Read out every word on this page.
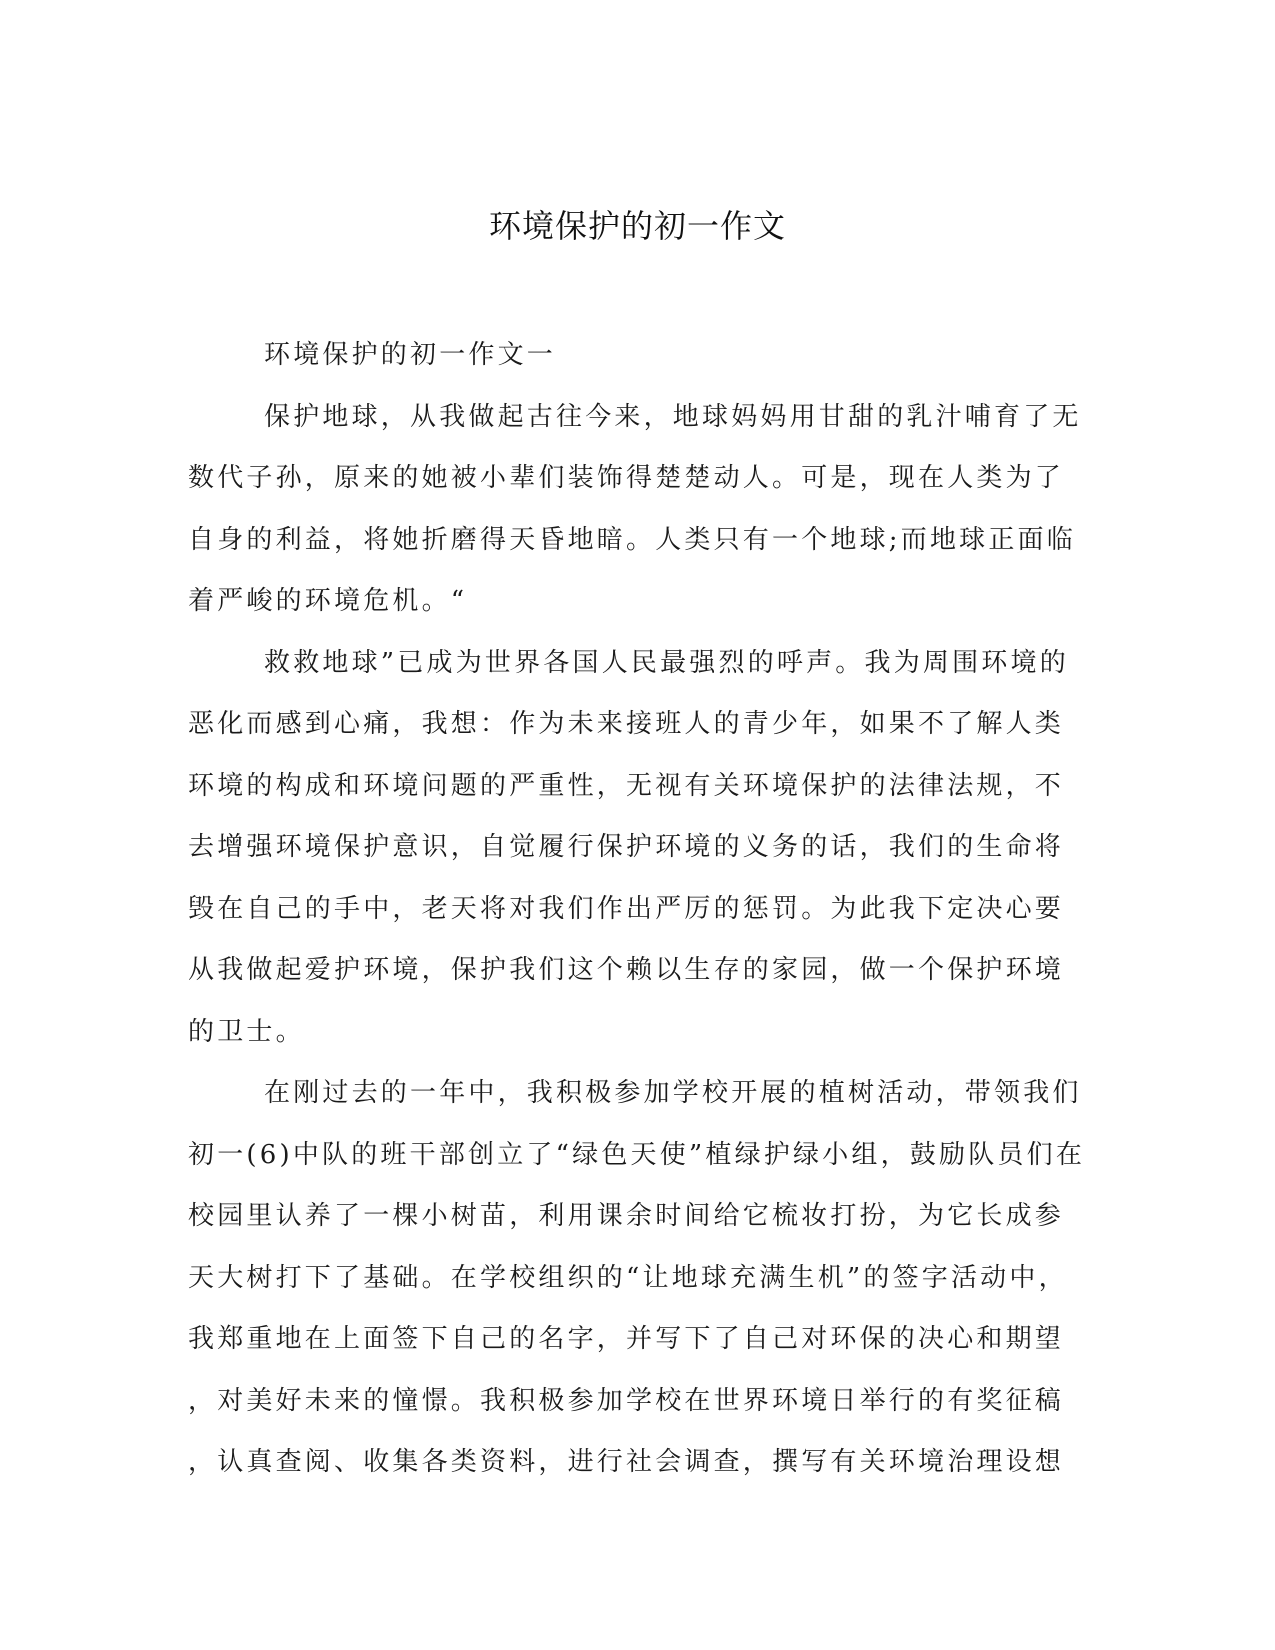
环境保护的初一作文
环境保护的初一作文一
保护地球，从我做起古往今来，地球妈妈用甘甜的乳汁哺育了无
数代子孙，原来的她被小辈们装饰得楚楚动人。可是，现在人类为了
自身的利益，将她折磨得天昏地暗。人类只有一个地球;而地球正面临
着严峻的环境危机。“
救救地球”已成为世界各国人民最强烈的呼声。我为周围环境的
恶化而感到心痛，我想：作为未来接班人的青少年，如果不了解人类
环境的构成和环境问题的严重性，无视有关环境保护的法律法规，不
去增强环境保护意识，自觉履行保护环境的义务的话，我们的生命将
毁在自己的手中，老天将对我们作出严厉的惩罚。为此我下定决心要
从我做起爱护环境，保护我们这个赖以生存的家园，做一个保护环境
的卫士。
在刚过去的一年中，我积极参加学校开展的植树活动，带领我们
初一(6)中队的班干部创立了“绿色天使”植绿护绿小组，鼓励队员们在
校园里认养了一棵小树苗，利用课余时间给它梳妆打扮，为它长成参
天大树打下了基础。在学校组织的“让地球充满生机”的签字活动中，
我郑重地在上面签下自己的名字，并写下了自己对环保的决心和期望
，对美好未来的憧憬。我积极参加学校在世界环境日举行的有奖征稿
，认真查阅、收集各类资料，进行社会调查，撰写有关环境治理设想
